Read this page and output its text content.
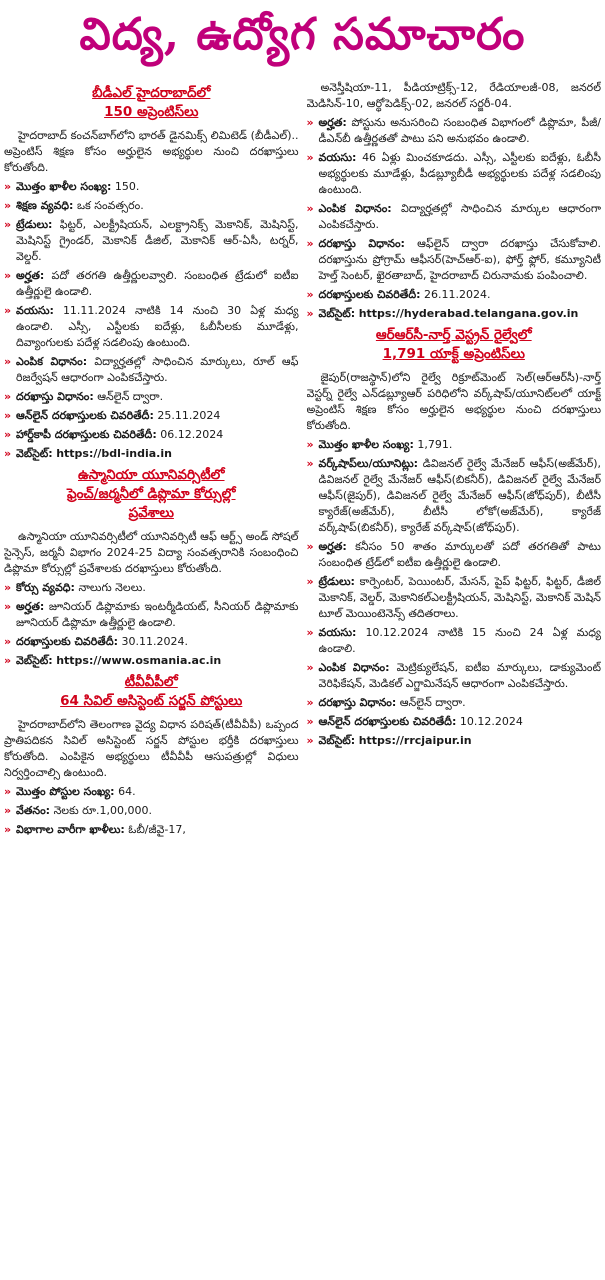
విద్య, ఉద్యోగ సమాచారం
బీడీఎల్ హైదరాబాద్‌లో
150 అప్రెంటిస్‌లు

హైదరాబాద్ కంచన్‌బాగ్‌లోని భారత్ డైనమిక్స్ లిమిటెడ్ (బీడీఎల్).. అప్రెంటిస్ శిక్షణ కోసం అర్హులైన అభ్యర్థుల నుంచి దరఖాస్తులు కోరుతోంది.

» మొత్తం ఖాళీల సంఖ్య: 150.
» శిక్షణ వ్యవధి: ఒక సంవత్సరం.
» ట్రేడులు: ఫిట్టర్, ఎలక్ట్రీషియన్, ఎలక్ట్రానిక్స్ మెకానిక్, మెషినిస్ట్, మెషినిస్ట్ గ్రైండర్, మెకానిక్ డీజిల్, మెకానిక్ ఆర్-ఏసీ, టర్నర్, వెల్డర్.
» అర్హత: పదో తరగతి ఉత్తీర్ణులవ్వాలి. సంబంధిత ట్రేడులో ఐటీఐ ఉత్తీర్ణులై ఉండాలి.
» వయసు: 11.11.2024 నాటికి 14 నుంచి 30 ఏళ్ల మధ్య ఉండాలి. ఎస్సీ, ఎస్టీలకు ఐదేళ్లు, ఓబీసీలకు మూడేళ్లు, దివ్యాంగులకు పదేళ్ల సడలింపు ఉంటుంది.
» ఎంపిక విధానం: విద్యార్హతల్లో సాధించిన మార్కులు, రూల్ ఆఫ్ రిజర్వేషన్ ఆధారంగా ఎంపికచేస్తారు.
» దరఖాస్తు విధానం: ఆన్‌లైన్ ద్వారా.
» ఆన్‌లైన్ దరఖాస్తులకు చివరితేదీ: 25.11.2024
» హార్డ్‌కాపీ దరఖాస్తులకు చివరితేదీ: 06.12.2024
» వెబ్‌సైట్: https://bdl-india.in
ఉస్మానియా యూనివర్సిటీలో
ఫ్రెంచ్/జర్మనీలో డిప్లొమా కోర్సుల్లో
ప్రవేశాలు

ఉస్మానియా యూనివర్సిటీలో యూనివర్సిటీ ఆఫ్ ఆర్ట్స్ అండ్ సోషల్ సైన్సెస్, జర్మనీ విభాగం 2024-25 విద్యా సంవత్సరానికి సంబంధించి డిప్లొమా కోర్సుల్లో ప్రవేశాలకు దరఖాస్తులు కోరుతోంది.

» కోర్సు వ్యవధి: నాలుగు నెలలు.
» అర్హత: జూనియర్ డిప్లొమాకు ఇంటర్మీడియట్, సీనియర్ డిప్లొమాకు జూనియర్ డిప్లొమా ఉత్తీర్ణులై ఉండాలి.
» దరఖాస్తులకు చివరితేదీ: 30.11.2024.
» వెబ్‌సైట్: https://www.osmania.ac.in
టీవీవీపీలో
64 సివిల్ అసిస్టెంట్ సర్జన్ పోస్టులు

హైదరాబాద్‌లోని తెలంగాణ వైద్య విధాన పరిషత్(టీవీవీపీ) ఒప్పంద ప్రాతిపదికన సివిల్ అసిస్టెంట్ సర్జన్ పోస్టుల భర్తీకి దరఖాస్తులు కోరుతోంది. ఎంపికైన అభ్యర్థులు టీవీవీపీ ఆసుపత్రుల్లో విధులు నిర్వర్తించాల్సి ఉంటుంది.

» మొత్తం పోస్టుల సంఖ్య: 64.
» వేతనం: నెలకు రూ.1,00,000.
» విభాగాల వారీగా ఖాళీలు: ఓబీ/జీవై-17,

అనెస్తీషియా-11, పీడియాట్రిక్స్-12, రేడియాలజీ-08, జనరల్ మెడిసిన్-10, ఆర్థోపెడిక్స్-02, జనరల్ సర్జరీ-04.

» అర్హత: పోస్టును అనుసరించి సంబంధిత విభాగంలో డిప్లొమా, పీజీ/డీఎన్‌బీ ఉత్తీర్ణతతో పాటు పని అనుభవం ఉండాలి.
» వయసు: 46 ఏళ్లు మించకూడదు. ఎస్సీ, ఎస్టీలకు ఐదేళ్లు, ఓబీసీ అభ్యర్థులకు మూడేళ్లు, పీడబ్ల్యూబీడీ అభ్యర్థులకు పదేళ్ల సడలింపు ఉంటుంది.
» ఎంపిక విధానం: విద్యార్హతల్లో సాధించిన మార్కుల ఆధారంగా ఎంపికచేస్తారు.
» దరఖాస్తు విధానం: ఆఫ్‌లైన్ ద్వారా దరఖాస్తు చేసుకోవాలి. దరఖాస్తును ప్రోగ్రామ్ ఆఫీసర్(హెచ్ఆర్-ఐ), ఫోర్త్ ఫ్లోర్, కమ్యూనిటీ హెల్త్ సెంటర్, ఖైరతాబాద్, హైదరాబాద్ చిరునామకు పంపించాలి.
» దరఖాస్తులకు చివరితేదీ: 26.11.2024.
» వెబ్‌సైట్: https://hyderabad.telangana.gov.in
ఆర్ఆర్‌సీ-నార్త్ వెస్ట్రన్ రైల్వేలో
1,791 యాక్ట్ అప్రెంటిస్‌లు

జైపుర్(రాజస్థాన్)లోని రైల్వే రిక్రూట్‌మెంట్ సెల్(ఆర్ఆర్‌సీ)-నార్త్ వెస్టర్న్ రైల్వే ఎన్‌డబ్ల్యూఆర్ పరిధిలోని వర్క్‌షాప్/యూనిట్‌లలో యాక్ట్ అప్రెంటిస్ శిక్షణ కోసం అర్హులైన అభ్యర్థుల నుంచి దరఖాస్తులు కోరుతోంది.

» మొత్తం ఖాళీల సంఖ్య: 1,791.
» వర్క్‌షాప్‌లు/యూనిట్లు: డివిజనల్ రైల్వే మేనేజర్ ఆఫీస్(అజ్‌మేర్), డివిజనల్ రైల్వే మేనేజర్ ఆఫీస్(బికనీర్), డివిజనల్ రైల్వే మేనేజర్ ఆఫీస్(జైపుర్), డివిజనల్ రైల్వే మేనేజర్ ఆఫీస్(జోధ్‌పుర్), బీటీసీ క్యారేజ్(అజ్‌మేర్), బీటీసీ లోకో(అజ్‌మేర్), క్యారేజ్ వర్క్‌షాప్(బికనీర్), క్యారేజ్ వర్క్‌షాప్(జోధ్‌పుర్).
» అర్హత: కనీసం 50 శాతం మార్కులతో పదో తరగతితో పాటు సంబంధిత ట్రేడ్‌లో ఐటీఐ ఉత్తీర్ణులై ఉండాలి.
» ట్రేడులు: కార్పెంటర్, పెయింటర్, మేసన్, పైప్ ఫిట్టర్, ఫిట్టర్, డీజిల్ మెకానిక్, వెల్డర్, మెకానికల్ఎలక్ట్రీషియన్, మెషినిస్ట్, మెకానిక్ మెషిన్ టూల్ మెయింటెనెన్స్ తదితరాలు.
» వయసు: 10.12.2024 నాటికి 15 నుంచి 24 ఏళ్ల మధ్య ఉండాలి.
» ఎంపిక విధానం: మెట్రిక్యులేషన్, ఐటీఐ మార్కులు, డాక్యుమెంట్ వెరిఫికేషన్, మెడికల్ ఎగ్జామినేషన్ ఆధారంగా ఎంపికచేస్తారు.
» దరఖాస్తు విధానం: ఆన్‌లైన్ ద్వారా.
» ఆన్‌లైన్ దరఖాస్తులకు చివరితేదీ: 10.12.2024
» వెబ్‌సైట్: https://rrcjaipur.in
